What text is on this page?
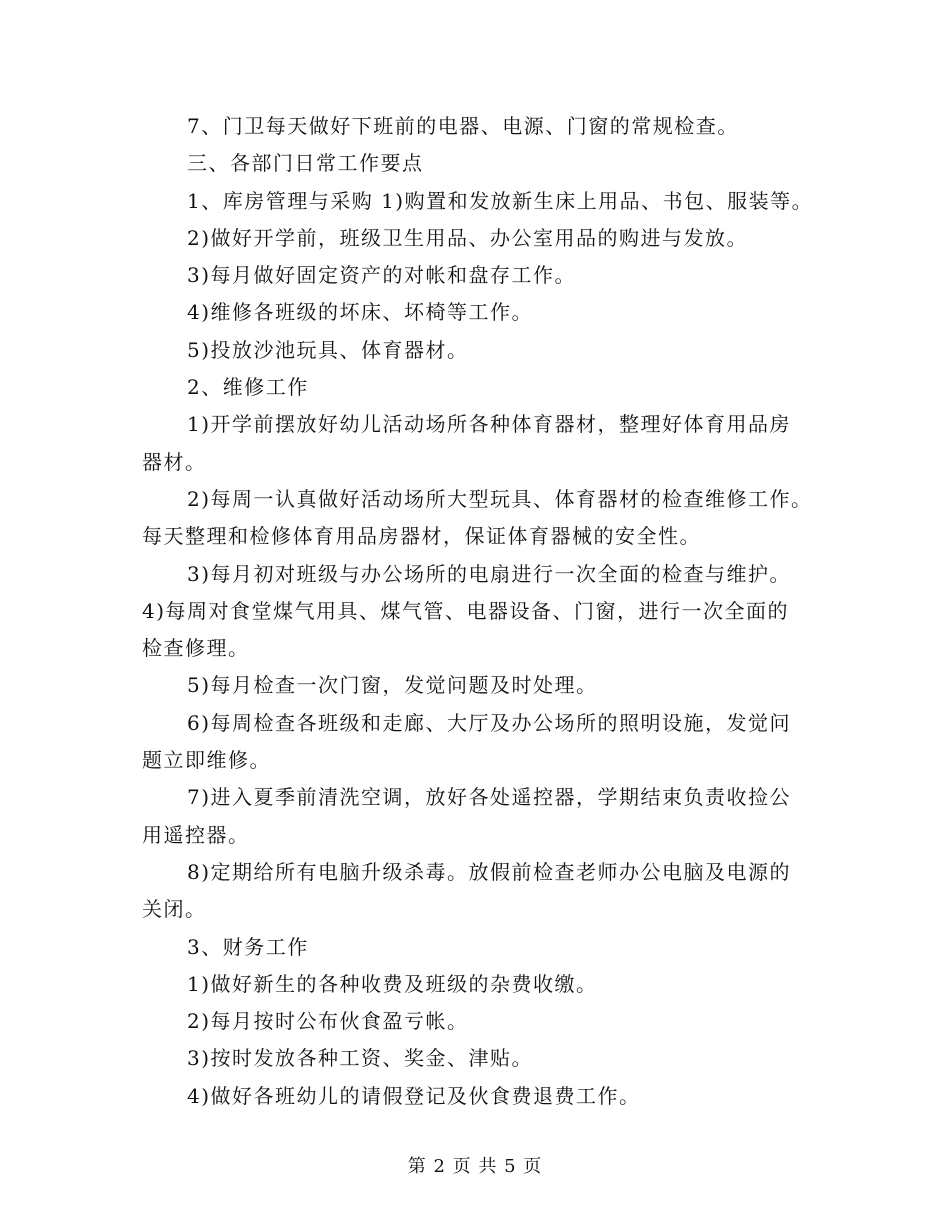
7、门卫每天做好下班前的电器、电源、门窗的常规检查。

三、各部门日常工作要点

1、库房管理与采购 1)购置和发放新生床上用品、书包、服装等。

2)做好开学前，班级卫生用品、办公室用品的购进与发放。

3)每月做好固定资产的对帐和盘存工作。

4)维修各班级的坏床、坏椅等工作。

5)投放沙池玩具、体育器材。

2、维修工作

1)开学前摆放好幼儿活动场所各种体育器材，整理好体育用品房

器材。

2)每周一认真做好活动场所大型玩具、体育器材的检查维修工作。

每天整理和检修体育用品房器材，保证体育器械的安全性。

3)每月初对班级与办公场所的电扇进行一次全面的检查与维护。

4)每周对食堂煤气用具、煤气管、电器设备、门窗，进行一次全面的

检查修理。

5)每月检查一次门窗，发觉问题及时处理。

6)每周检查各班级和走廊、大厅及办公场所的照明设施，发觉问

题立即维修。

7)进入夏季前清洗空调，放好各处遥控器，学期结束负责收捡公

用遥控器。

8)定期给所有电脑升级杀毒。放假前检查老师办公电脑及电源的

关闭。

3、财务工作

1)做好新生的各种收费及班级的杂费收缴。

2)每月按时公布伙食盈亏帐。

3)按时发放各种工资、奖金、津贴。

4)做好各班幼儿的请假登记及伙食费退费工作。

第 2 页 共 5 页
